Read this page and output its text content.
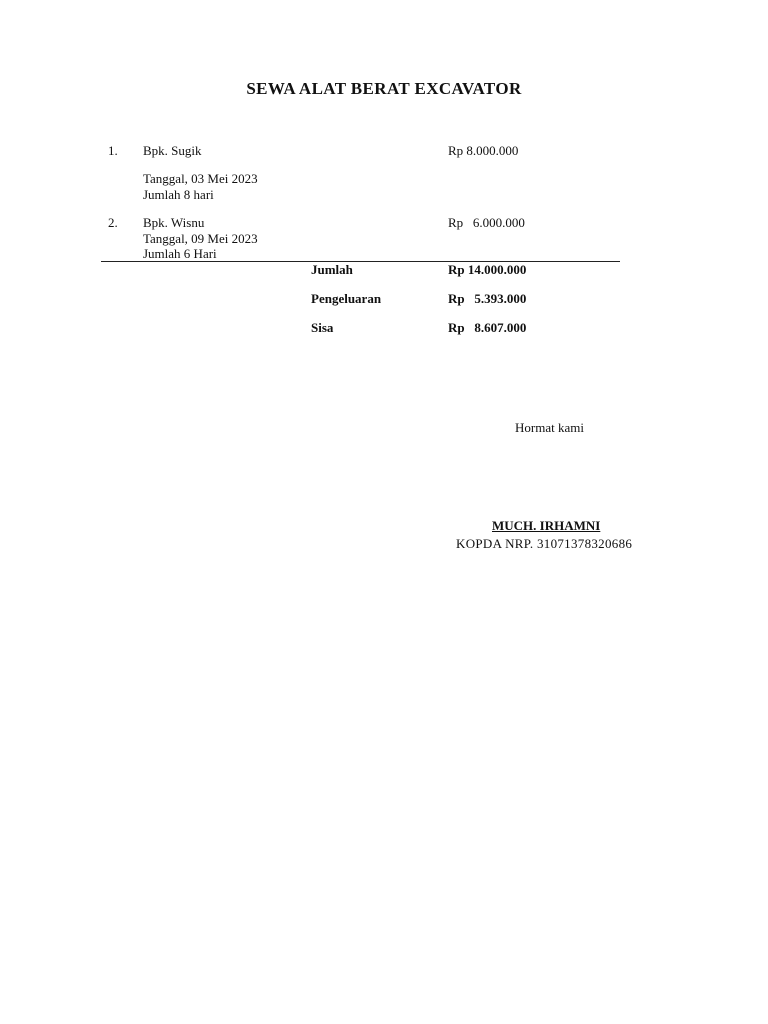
SEWA ALAT BERAT EXCAVATOR
1. Bpk. Sugik	Rp 8.000.000
Tanggal, 03 Mei 2023
Jumlah 8 hari
2. Bpk. Wisnu	Rp   6.000.000
Tanggal, 09 Mei 2023
Jumlah 6 Hari
Jumlah	Rp 14.000.000
Pengeluaran	Rp   5.393.000
Sisa	Rp   8.607.000
Hormat kami
MUCH. IRHAMNI
KOPDA NRP. 31071378320686
